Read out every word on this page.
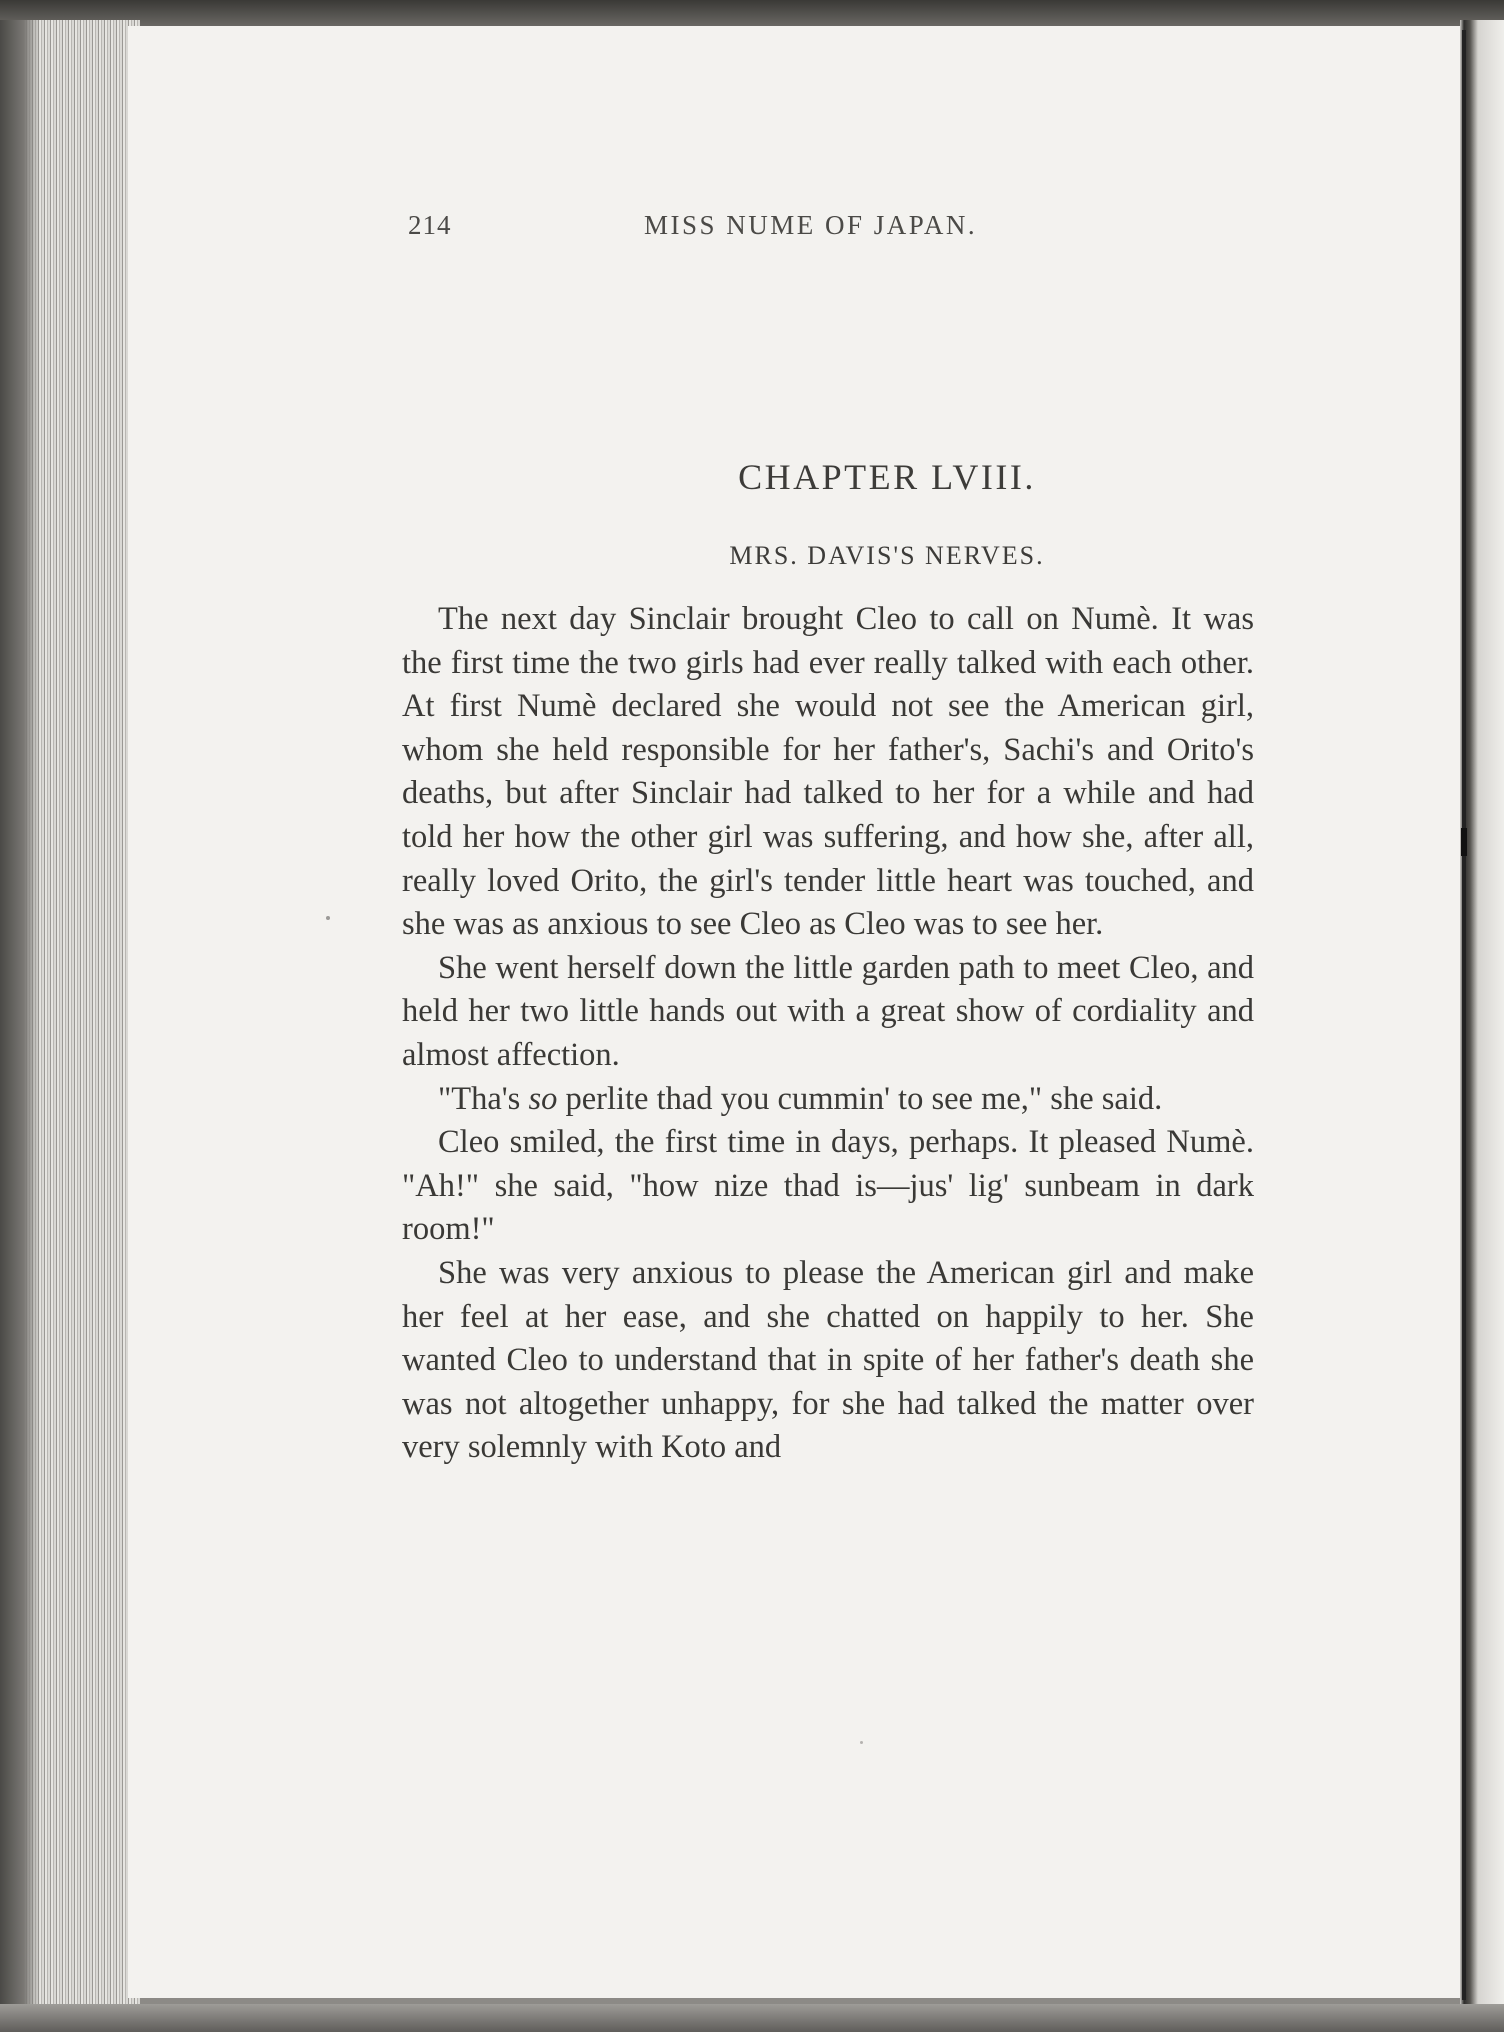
214	MISS NUME OF JAPAN.
CHAPTER LVIII.
MRS. DAVIS'S NERVES.

The next day Sinclair brought Cleo to call on Numè. It was the first time the two girls had ever really talked with each other. At first Numè declared she would not see the American girl, whom she held responsible for her father's, Sachi's and Orito's deaths, but after Sinclair had talked to her for a while and had told her how the other girl was suffering, and how she, after all, really loved Orito, the girl's tender little heart was touched, and she was as anxious to see Cleo as Cleo was to see her.

She went herself down the little garden path to meet Cleo, and held her two little hands out with a great show of cordiality and almost affection.

"Tha's so perlite thad you cummin' to see me," she said.

Cleo smiled, the first time in days, perhaps. It pleased Numè. "Ah!" she said, "how nize thad is—jus' lig' sunbeam in dark room!"

She was very anxious to please the American girl and make her feel at her ease, and she chatted on happily to her. She wanted Cleo to understand that in spite of her father's death she was not altogether unhappy, for she had talked the matter over very solemnly with Koto and
